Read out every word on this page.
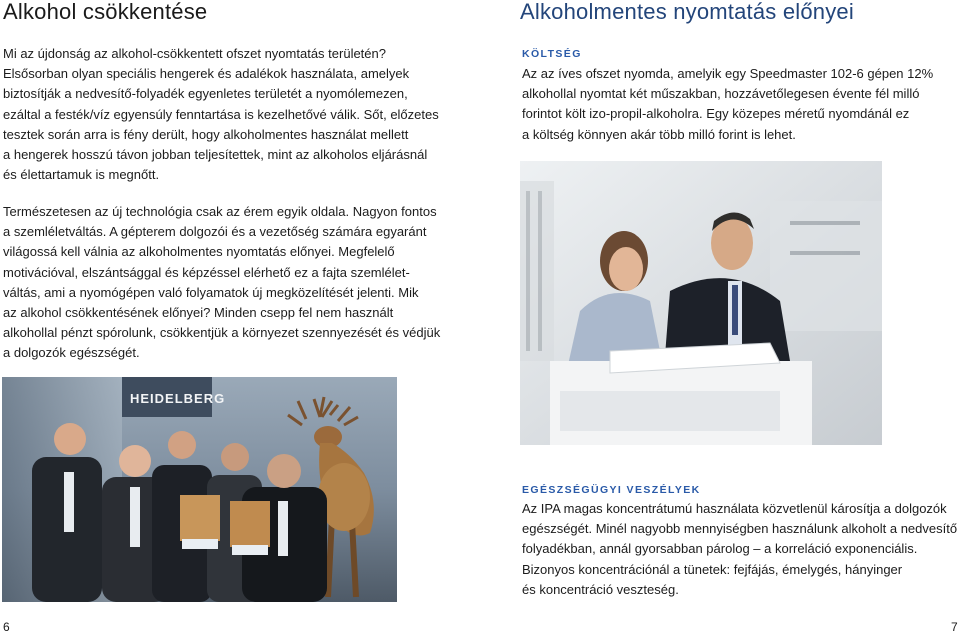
Alkohol csökkentése
Mi az újdonság az alkohol-csökkentett ofszet nyomtatás területén?
Elsősorban olyan speciális hengerek és adalékok használata, amelyek
biztosítják a nedvesítő-folyadék egyenletes területét a nyomólemezen,
ezáltal a festék/víz egyensúly fenntartása is kezelhetővé válik. Sőt, előzetes
tesztek során arra is fény derült, hogy alkoholmentes használat mellett
a hengerek hosszú távon jobban teljesítettek, mint az alkoholos eljárásnál
és élettartamuk is megnőtt.
Természetesen az új technológia csak az érem egyik oldala. Nagyon fontos
a szemléletváltás. A gépterem dolgozói és a vezetőség számára egyaránt
világossá kell válnia az alkoholmentes nyomtatás előnyei. Megfelelő
motivációval, elszántsággal és képzéssel elérhető ez a fajta szemlélet-
váltás, ami a nyomógépen való folyamatok új megközelítését jelenti. Mik
az alkohol csökkentésének előnyei? Minden csepp fel nem használt
alkohollal pénzt spórolunk, csökkentjük a környezet szennyezését és védjük
a dolgozók egészségét.
HEIDELBERG
6
Alkoholmentes nyomtatás előnyei
KÖLTSÉG
Az az íves ofszet nyomda, amelyik egy Speedmaster 102-6 gépen 12%
alkohollal nyomtat két műszakban, hozzávetőlegesen évente fél milló
forintot költ izo-propil-alkoholra. Egy közepes méretű nyomdánál ez
a költség könnyen akár több milló forint is lehet.
EGÉSZSÉGÜGYI VESZÉLYEK
Az IPA magas koncentrátumú használata közvetlenül károsítja a dolgozók
egészségét. Minél nagyobb mennyiségben használunk alkoholt a nedvesítő
folyadékban, annál gyorsabban párolog – a korreláció exponenciális.
Bizonyos koncentrációnál a tünetek: fejfájás, émelygés, hányinger
és koncentráció veszteség.
7
